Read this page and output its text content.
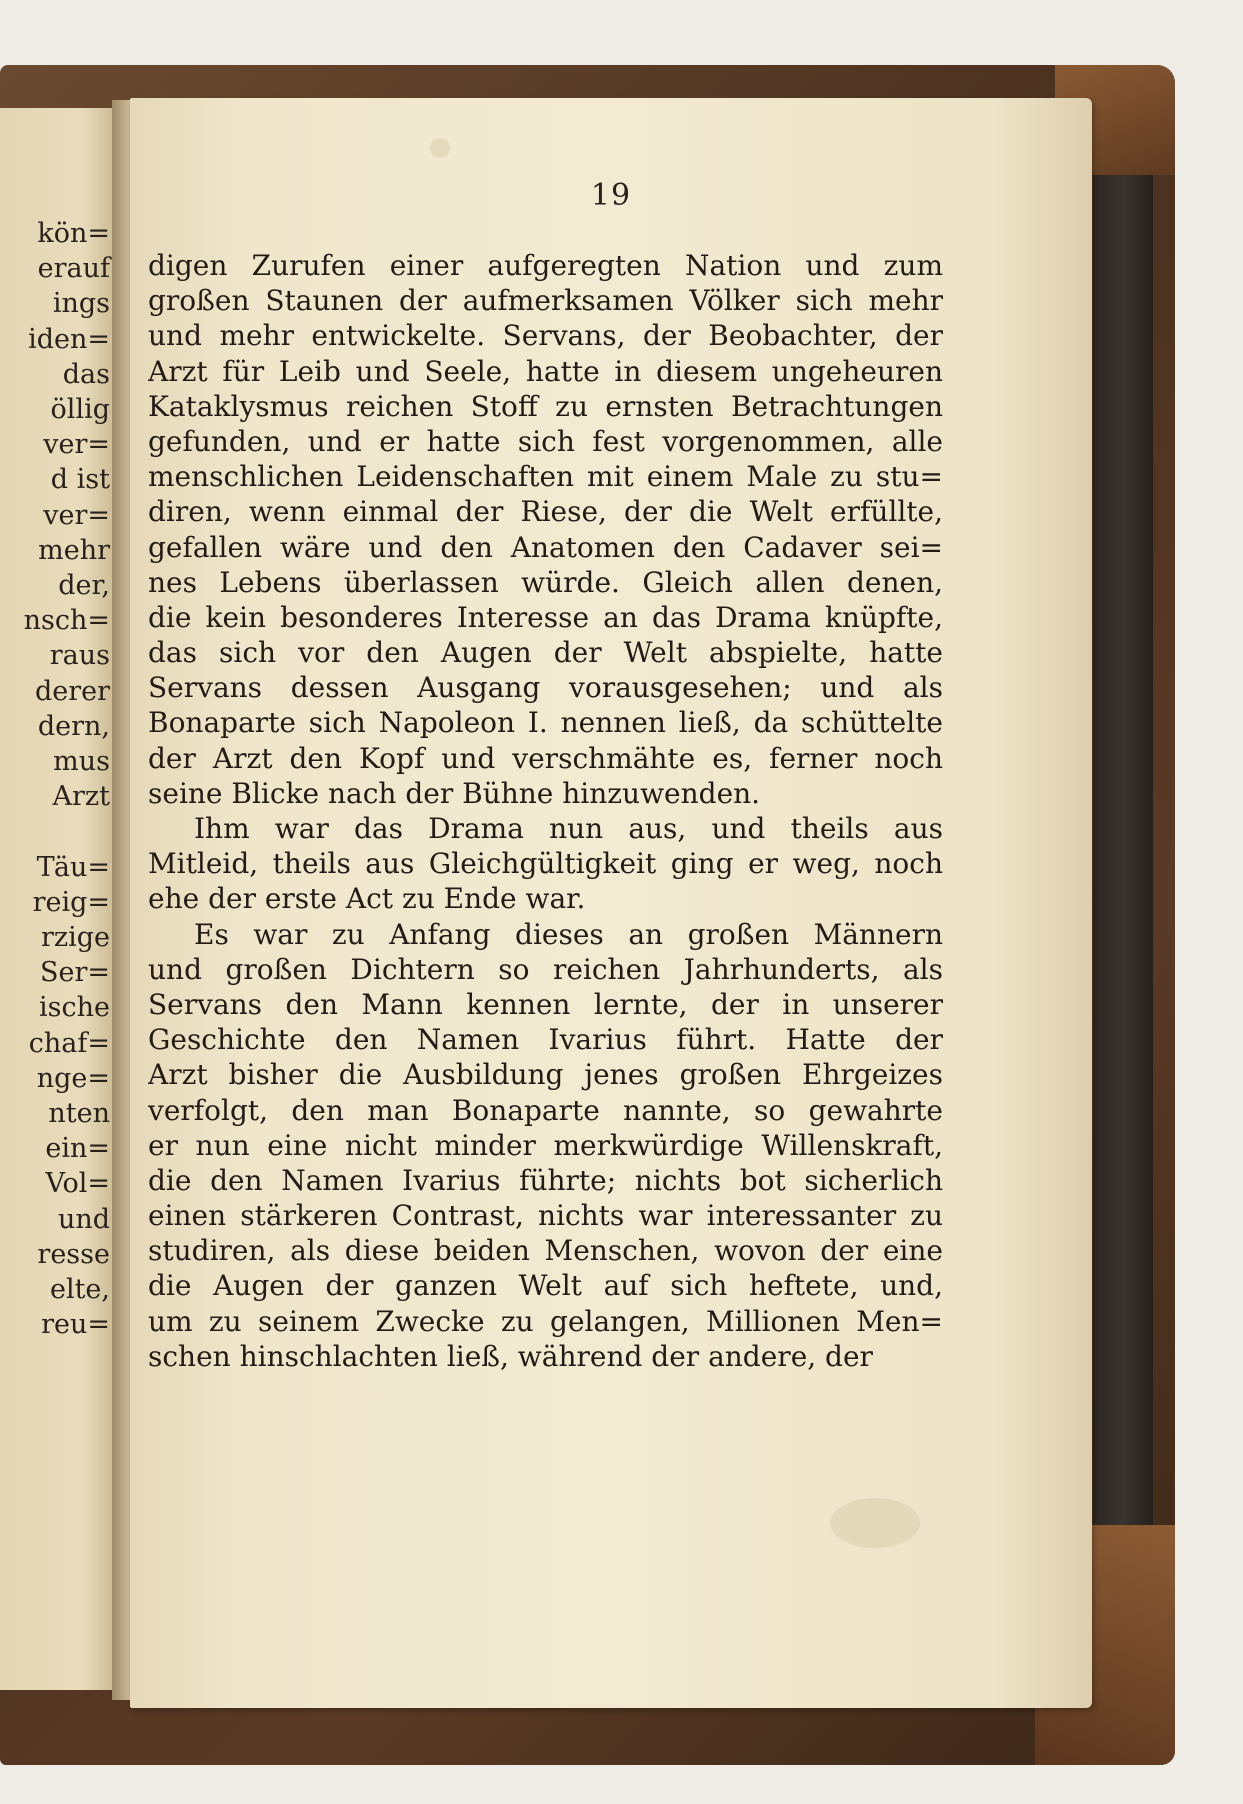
kön=
erauf
ings
iden=
das
öllig
ver=
d ist
ver=
mehr
der,
nsch=
raus
derer
dern,
mus
Arzt
Täu=
reig=
rzige
Ser=
ische
chaf=
nge=
nten
ein=
Vol=
und
resse
elte,
reu=
19
digen Zurufen einer aufgeregten Nation und zum
großen Staunen der aufmerksamen Völker sich mehr
und mehr entwickelte. Servans, der Beobachter, der
Arzt für Leib und Seele, hatte in diesem ungeheuren
Kataklysmus reichen Stoff zu ernsten Betrachtungen
gefunden, und er hatte sich fest vorgenommen, alle
menschlichen Leidenschaften mit einem Male zu stu=
diren, wenn einmal der Riese, der die Welt erfüllte,
gefallen wäre und den Anatomen den Cadaver sei=
nes Lebens überlassen würde. Gleich allen denen,
die kein besonderes Interesse an das Drama knüpfte,
das sich vor den Augen der Welt abspielte, hatte
Servans dessen Ausgang vorausgesehen; und als
Bonaparte sich Napoleon I. nennen ließ, da schüttelte
der Arzt den Kopf und verschmähte es, ferner noch
seine Blicke nach der Bühne hinzuwenden.
Ihm war das Drama nun aus, und theils aus
Mitleid, theils aus Gleichgültigkeit ging er weg, noch
ehe der erste Act zu Ende war.
Es war zu Anfang dieses an großen Männern
und großen Dichtern so reichen Jahrhunderts, als
Servans den Mann kennen lernte, der in unserer
Geschichte den Namen Ivarius führt. Hatte der
Arzt bisher die Ausbildung jenes großen Ehrgeizes
verfolgt, den man Bonaparte nannte, so gewahrte
er nun eine nicht minder merkwürdige Willenskraft,
die den Namen Ivarius führte; nichts bot sicherlich
einen stärkeren Contrast, nichts war interessanter zu
studiren, als diese beiden Menschen, wovon der eine
die Augen der ganzen Welt auf sich heftete, und,
um zu seinem Zwecke zu gelangen, Millionen Men=
schen hinschlachten ließ, während der andere, der
